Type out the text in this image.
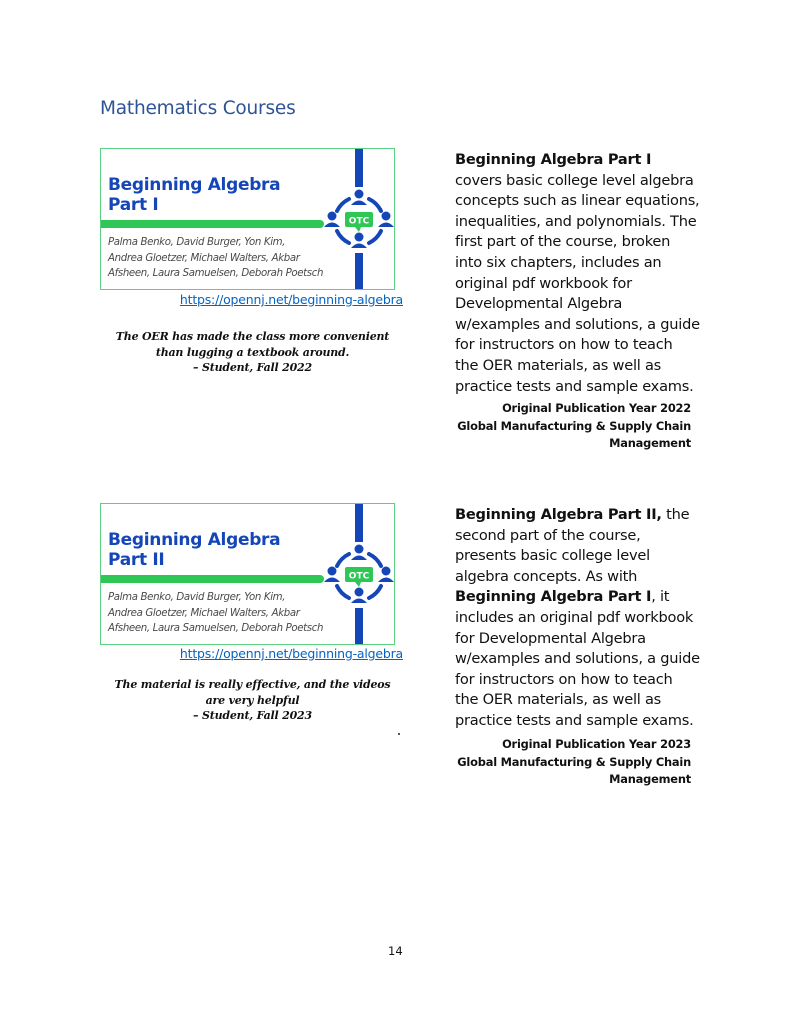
Mathematics Courses
Beginning Algebra
Part I
Palma Benko, David Burger, Yon Kim,
Andrea Gloetzer, Michael Walters, Akbar
Afsheen, Laura Samuelsen, Deborah Poetsch
OTC
https://opennj.net/beginning-algebra
The OER has made the class more convenient
than lugging a textbook around.
– Student, Fall 2022
Beginning Algebra Part I covers basic college level algebra concepts such as linear equations, inequalities, and polynomials. The first part of the course, broken into six chapters, includes an original pdf workbook for Developmental Algebra w/examples and solutions, a guide for instructors on how to teach the OER materials, as well as practice tests and sample exams.
Original Publication Year 2022
Global Manufacturing & Supply Chain
Management
Beginning Algebra
Part II
Palma Benko, David Burger, Yon Kim,
Andrea Gloetzer, Michael Walters, Akbar
Afsheen, Laura Samuelsen, Deborah Poetsch
OTC
https://opennj.net/beginning-algebra
The material is really effective, and the videos
are very helpful
– Student, Fall 2023
Beginning Algebra Part II, the second part of the course, presents basic college level algebra concepts. As with Beginning Algebra Part I, it includes an original pdf workbook for Developmental Algebra w/examples and solutions, a guide for instructors on how to teach the OER materials, as well as practice tests and sample exams.
Original Publication Year 2023
Global Manufacturing & Supply Chain
Management
14
